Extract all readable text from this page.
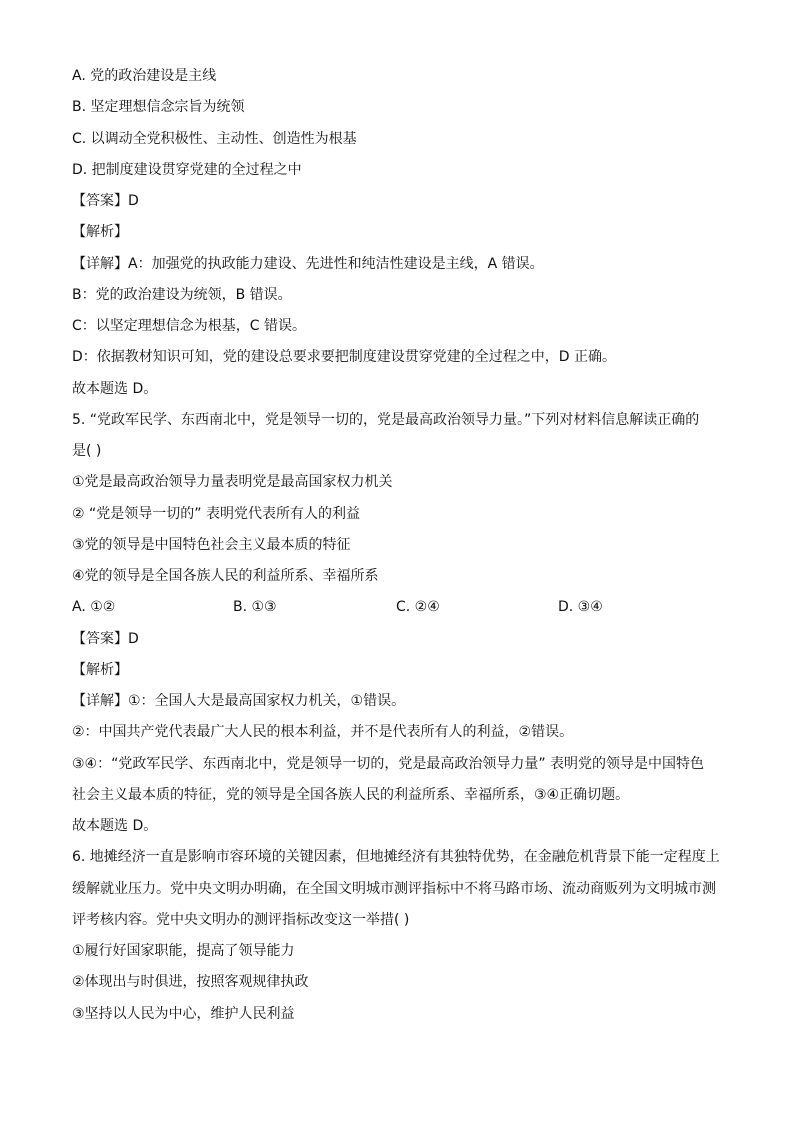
A. 党的政治建设是主线
B. 坚定理想信念宗旨为统领
C. 以调动全党积极性、主动性、创造性为根基
D. 把制度建设贯穿党建的全过程之中
【答案】D
【解析】
【详解】A：加强党的执政能力建设、先进性和纯洁性建设是主线，A 错误。
B：党的政治建设为统领，B 错误。
C：以坚定理想信念为根基，C 错误。
D：依据教材知识可知，党的建设总要求要把制度建设贯穿党建的全过程之中，D 正确。
故本题选 D。
5. “党政军民学、东西南北中，党是领导一切的，党是最高政治领导力量。”下列对材料信息解读正确的
是( )
①党是最高政治领导力量表明党是最高国家权力机关
② “党是领导一切的” 表明党代表所有人的利益
③党的领导是中国特色社会主义最本质的特征
④党的领导是全国各族人民的利益所系、幸福所系
A. ①②	B. ①③	C. ②④	D. ③④
【答案】D
【解析】
【详解】①：全国人大是最高国家权力机关，①错误。
②：中国共产党代表最广大人民的根本利益，并不是代表所有人的利益，②错误。
③④：“党政军民学、东西南北中，党是领导一切的，党是最高政治领导力量” 表明党的领导是中国特色
社会主义最本质的特征，党的领导是全国各族人民的利益所系、幸福所系，③④正确切题。
故本题选 D。
6. 地摊经济一直是影响市容环境的关键因素，但地摊经济有其独特优势，在金融危机背景下能一定程度上
缓解就业压力。党中央文明办明确，在全国文明城市测评指标中不将马路市场、流动商贩列为文明城市测
评考核内容。党中央文明办的测评指标改变这一举措( )
①履行好国家职能，提高了领导能力
②体现出与时俱进，按照客观规律执政
③坚持以人民为中心，维护人民利益
